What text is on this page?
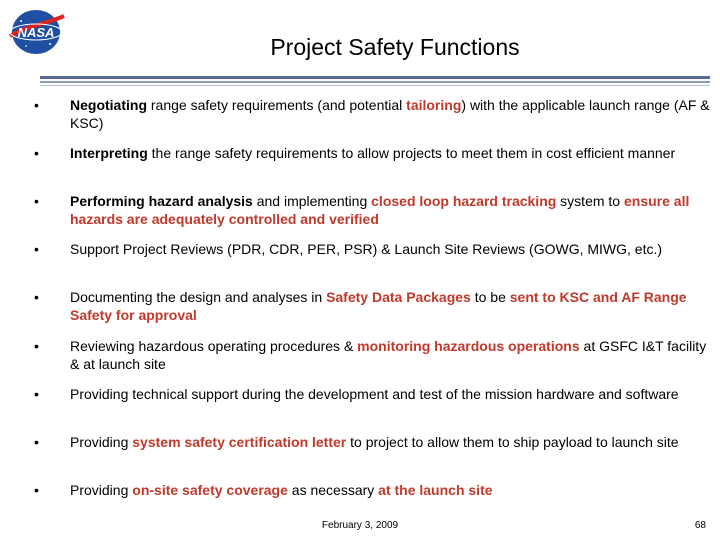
NASA
Project Safety Functions
• Negotiating range safety requirements (and potential tailoring) with the applicable launch range (AF & KSC)
• Interpreting the range safety requirements to allow projects to meet them in cost efficient manner
• Performing hazard analysis and implementing closed loop hazard tracking system to ensure all hazards are adequately controlled and verified
• Support Project Reviews (PDR, CDR, PER, PSR) & Launch Site Reviews (GOWG, MIWG, etc.)
• Documenting the design and analyses in Safety Data Packages to be sent to KSC and AF Range Safety for approval
• Reviewing hazardous operating procedures & monitoring hazardous operations at GSFC I&T facility & at launch site
• Providing technical support during the development and test of the mission hardware and software
• Providing system safety certification letter to project to allow them to ship payload to launch site
• Providing on-site safety coverage as necessary at the launch site
February 3, 2009	68
